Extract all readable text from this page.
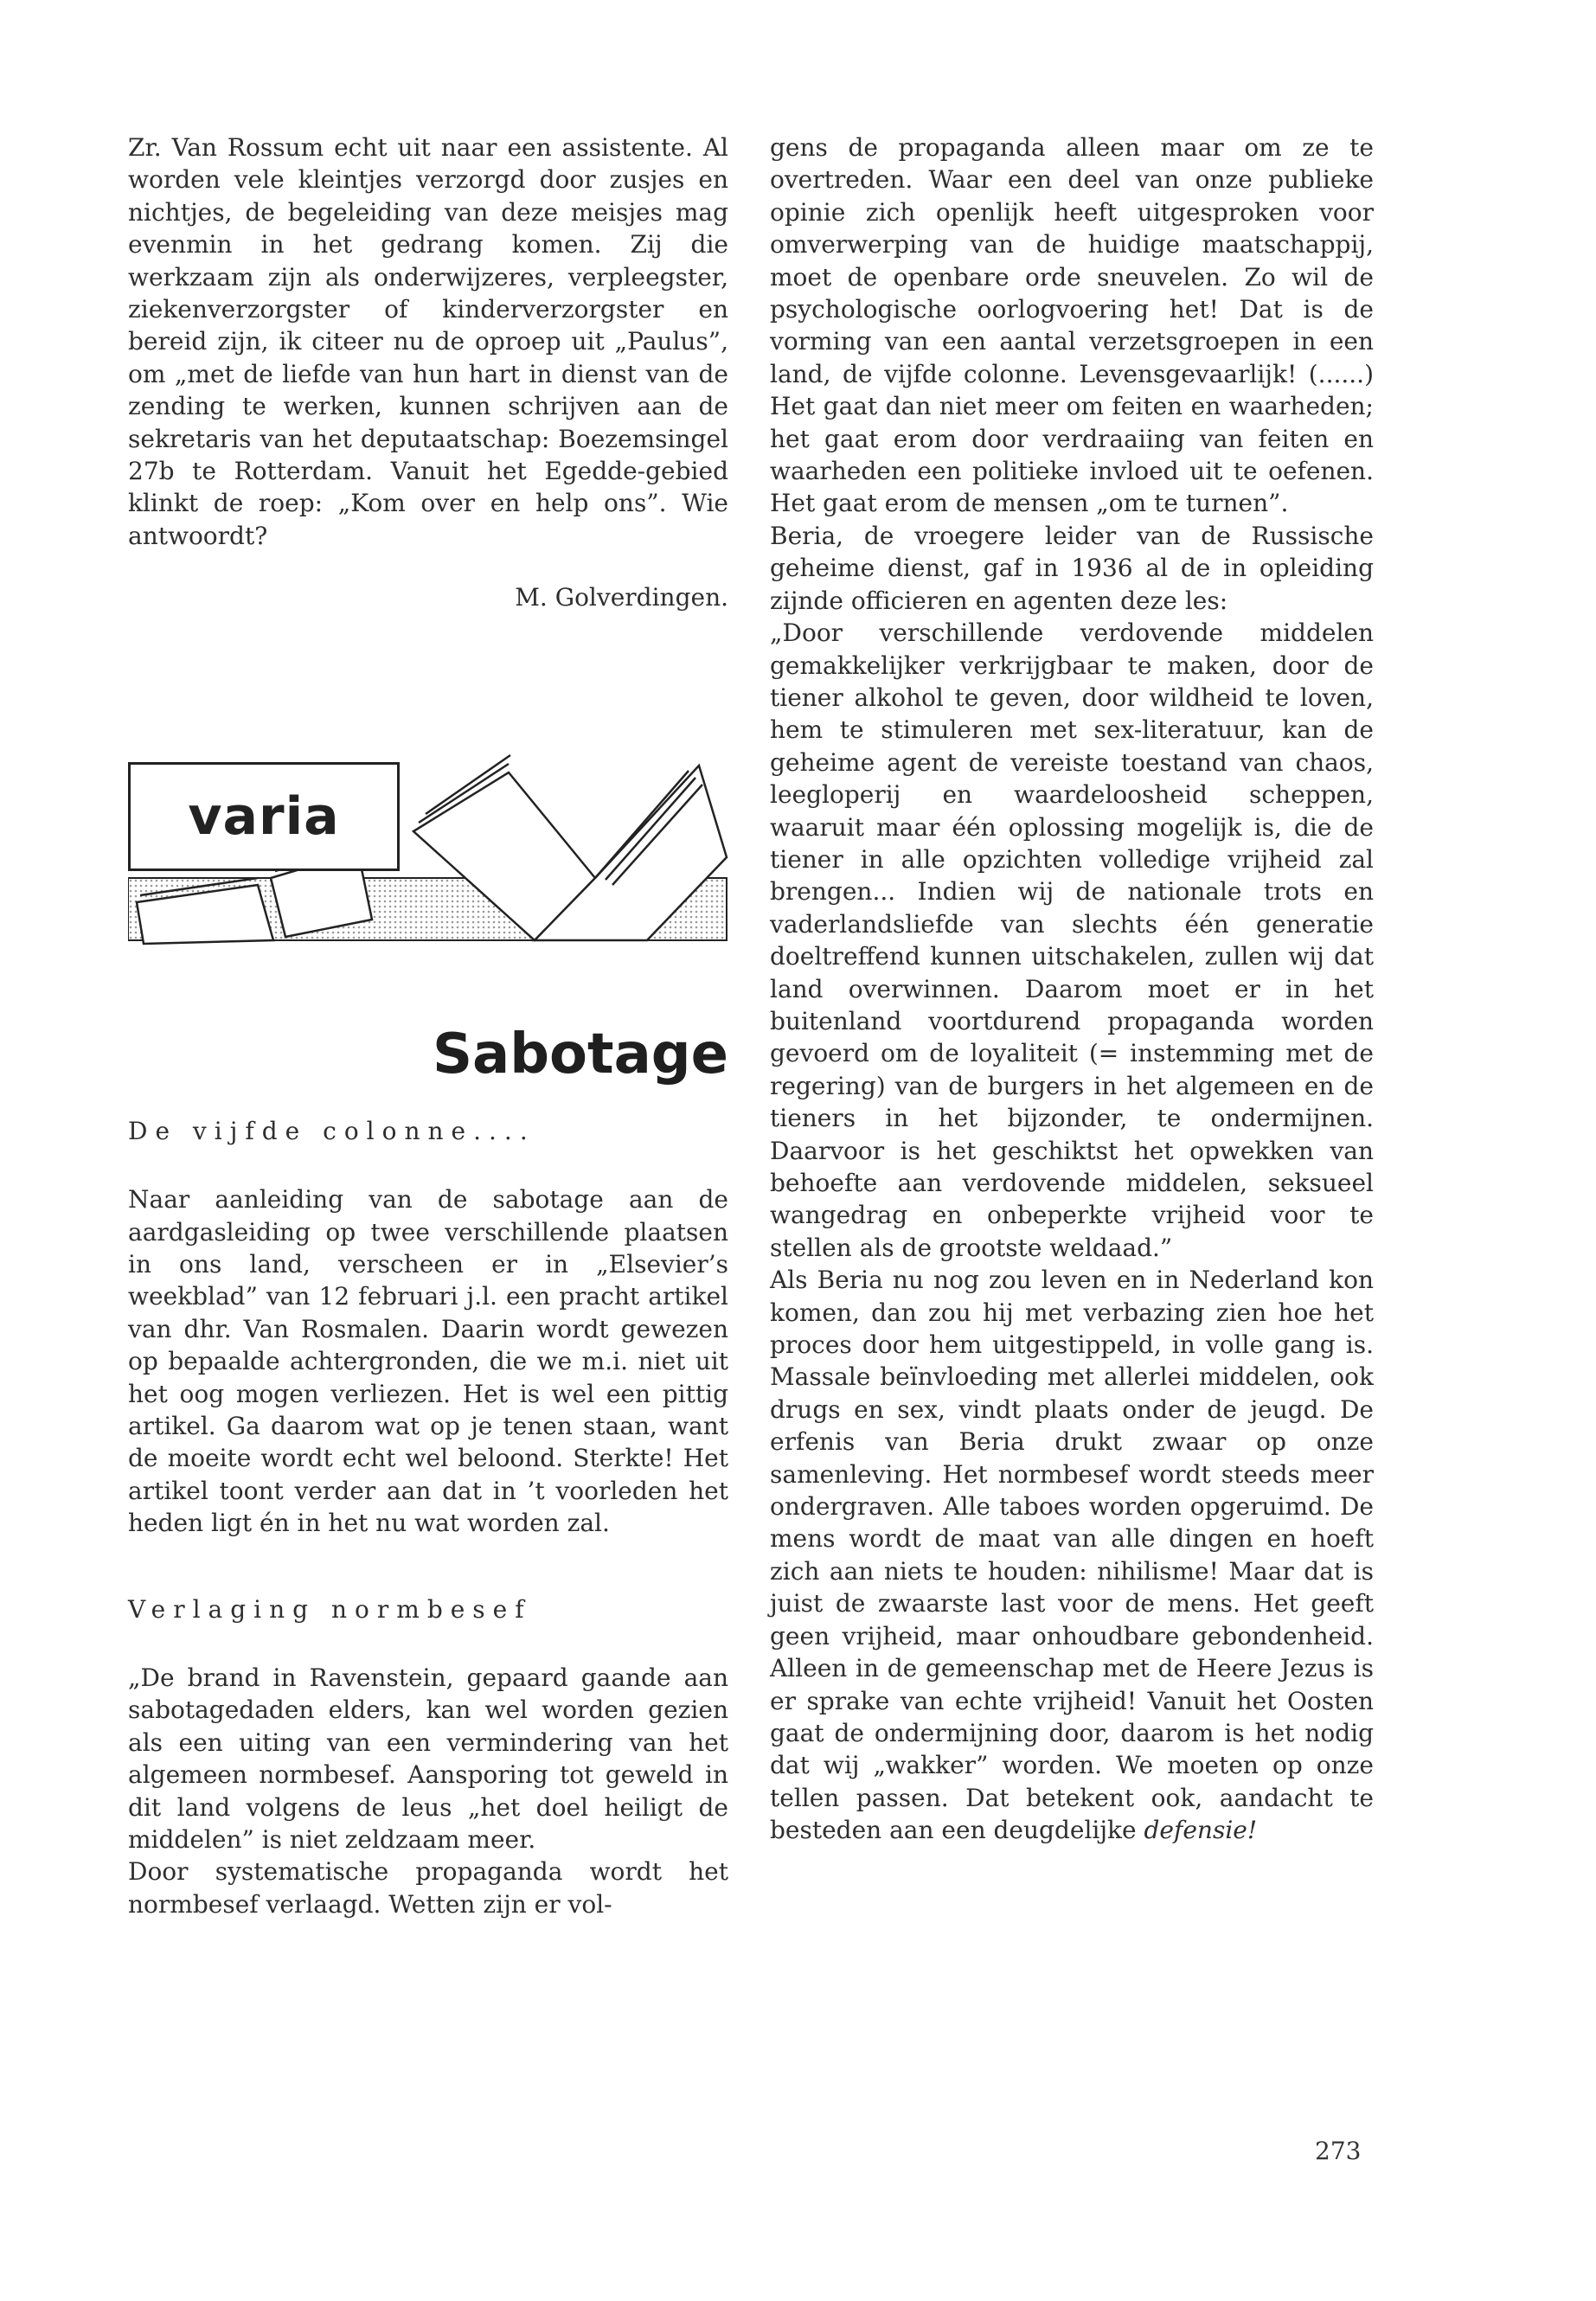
Zr. Van Rossum echt uit naar een assistente. Al worden vele kleintjes verzorgd door zusjes en nichtjes, de begeleiding van deze meisjes mag evenmin in het gedrang komen. Zij die werkzaam zijn als onderwijzeres, verpleegster, ziekenverzorgster of kinderverzorgster en bereid zijn, ik citeer nu de oproep uit „Paulus”, om „met de liefde van hun hart in dienst van de zending te werken, kunnen schrijven aan de sekretaris van het deputaatschap: Boezemsingel 27b te Rotterdam. Vanuit het Egedde-gebied klinkt de roep: „Kom over en help ons”. Wie antwoordt?

M. Golverdingen.

varia

Sabotage

De vijfde colonne....

Naar aanleiding van de sabotage aan de aardgasleiding op twee verschillende plaatsen in ons land, verscheen er in „Elsevier’s weekblad” van 12 februari j.l. een pracht artikel van dhr. Van Rosmalen. Daarin wordt gewezen op bepaalde achtergronden, die we m.i. niet uit het oog mogen verliezen. Het is wel een pittig artikel. Ga daarom wat op je tenen staan, want de moeite wordt echt wel beloond. Sterkte! Het artikel toont verder aan dat in ’t voorleden het heden ligt én in het nu wat worden zal.

Verlaging normbesef

„De brand in Ravenstein, gepaard gaande aan sabotagedaden elders, kan wel worden gezien als een uiting van een vermindering van het algemeen normbesef. Aansporing tot geweld in dit land volgens de leus „het doel heiligt de middelen” is niet zeldzaam meer.

Door systematische propaganda wordt het normbesef verlaagd. Wetten zijn er vol-

gens de propaganda alleen maar om ze te overtreden. Waar een deel van onze publieke opinie zich openlijk heeft uitgesproken voor omverwerping van de huidige maatschappij, moet de openbare orde sneuvelen. Zo wil de psychologische oorlogvoering het! Dat is de vorming van een aantal verzetsgroepen in een land, de vijfde colonne. Levensgevaarlijk! (......) Het gaat dan niet meer om feiten en waarheden; het gaat erom door verdraaiing van feiten en waarheden een politieke invloed uit te oefenen. Het gaat erom de mensen „om te turnen”.

Beria, de vroegere leider van de Russische geheime dienst, gaf in 1936 al de in opleiding zijnde officieren en agenten deze les:

„Door verschillende verdovende middelen gemakkelijker verkrijgbaar te maken, door de tiener alkohol te geven, door wildheid te loven, hem te stimuleren met sex-literatuur, kan de geheime agent de vereiste toestand van chaos, leegloperij en waardeloosheid scheppen, waaruit maar één oplossing mogelijk is, die de tiener in alle opzichten volledige vrijheid zal brengen... Indien wij de nationale trots en vaderlandsliefde van slechts één generatie doeltreffend kunnen uitschakelen, zullen wij dat land overwinnen. Daarom moet er in het buitenland voortdurend propaganda worden gevoerd om de loyaliteit (= instemming met de regering) van de burgers in het algemeen en de tieners in het bijzonder, te ondermijnen. Daarvoor is het geschiktst het opwekken van behoefte aan verdovende middelen, seksueel wangedrag en onbeperkte vrijheid voor te stellen als de grootste weldaad.”

Als Beria nu nog zou leven en in Nederland kon komen, dan zou hij met verbazing zien hoe het proces door hem uitgestippeld, in volle gang is. Massale beïnvloeding met allerlei middelen, ook drugs en sex, vindt plaats onder de jeugd. De erfenis van Beria drukt zwaar op onze samenleving. Het normbesef wordt steeds meer ondergraven. Alle taboes worden opgeruimd. De mens wordt de maat van alle dingen en hoeft zich aan niets te houden: nihilisme! Maar dat is juist de zwaarste last voor de mens. Het geeft geen vrijheid, maar onhoudbare gebondenheid. Alleen in de gemeenschap met de Heere Jezus is er sprake van echte vrijheid! Vanuit het Oosten gaat de ondermijning door, daarom is het nodig dat wij „wakker” worden. We moeten op onze tellen passen. Dat betekent ook, aandacht te besteden aan een deugdelijke defensie!

273
